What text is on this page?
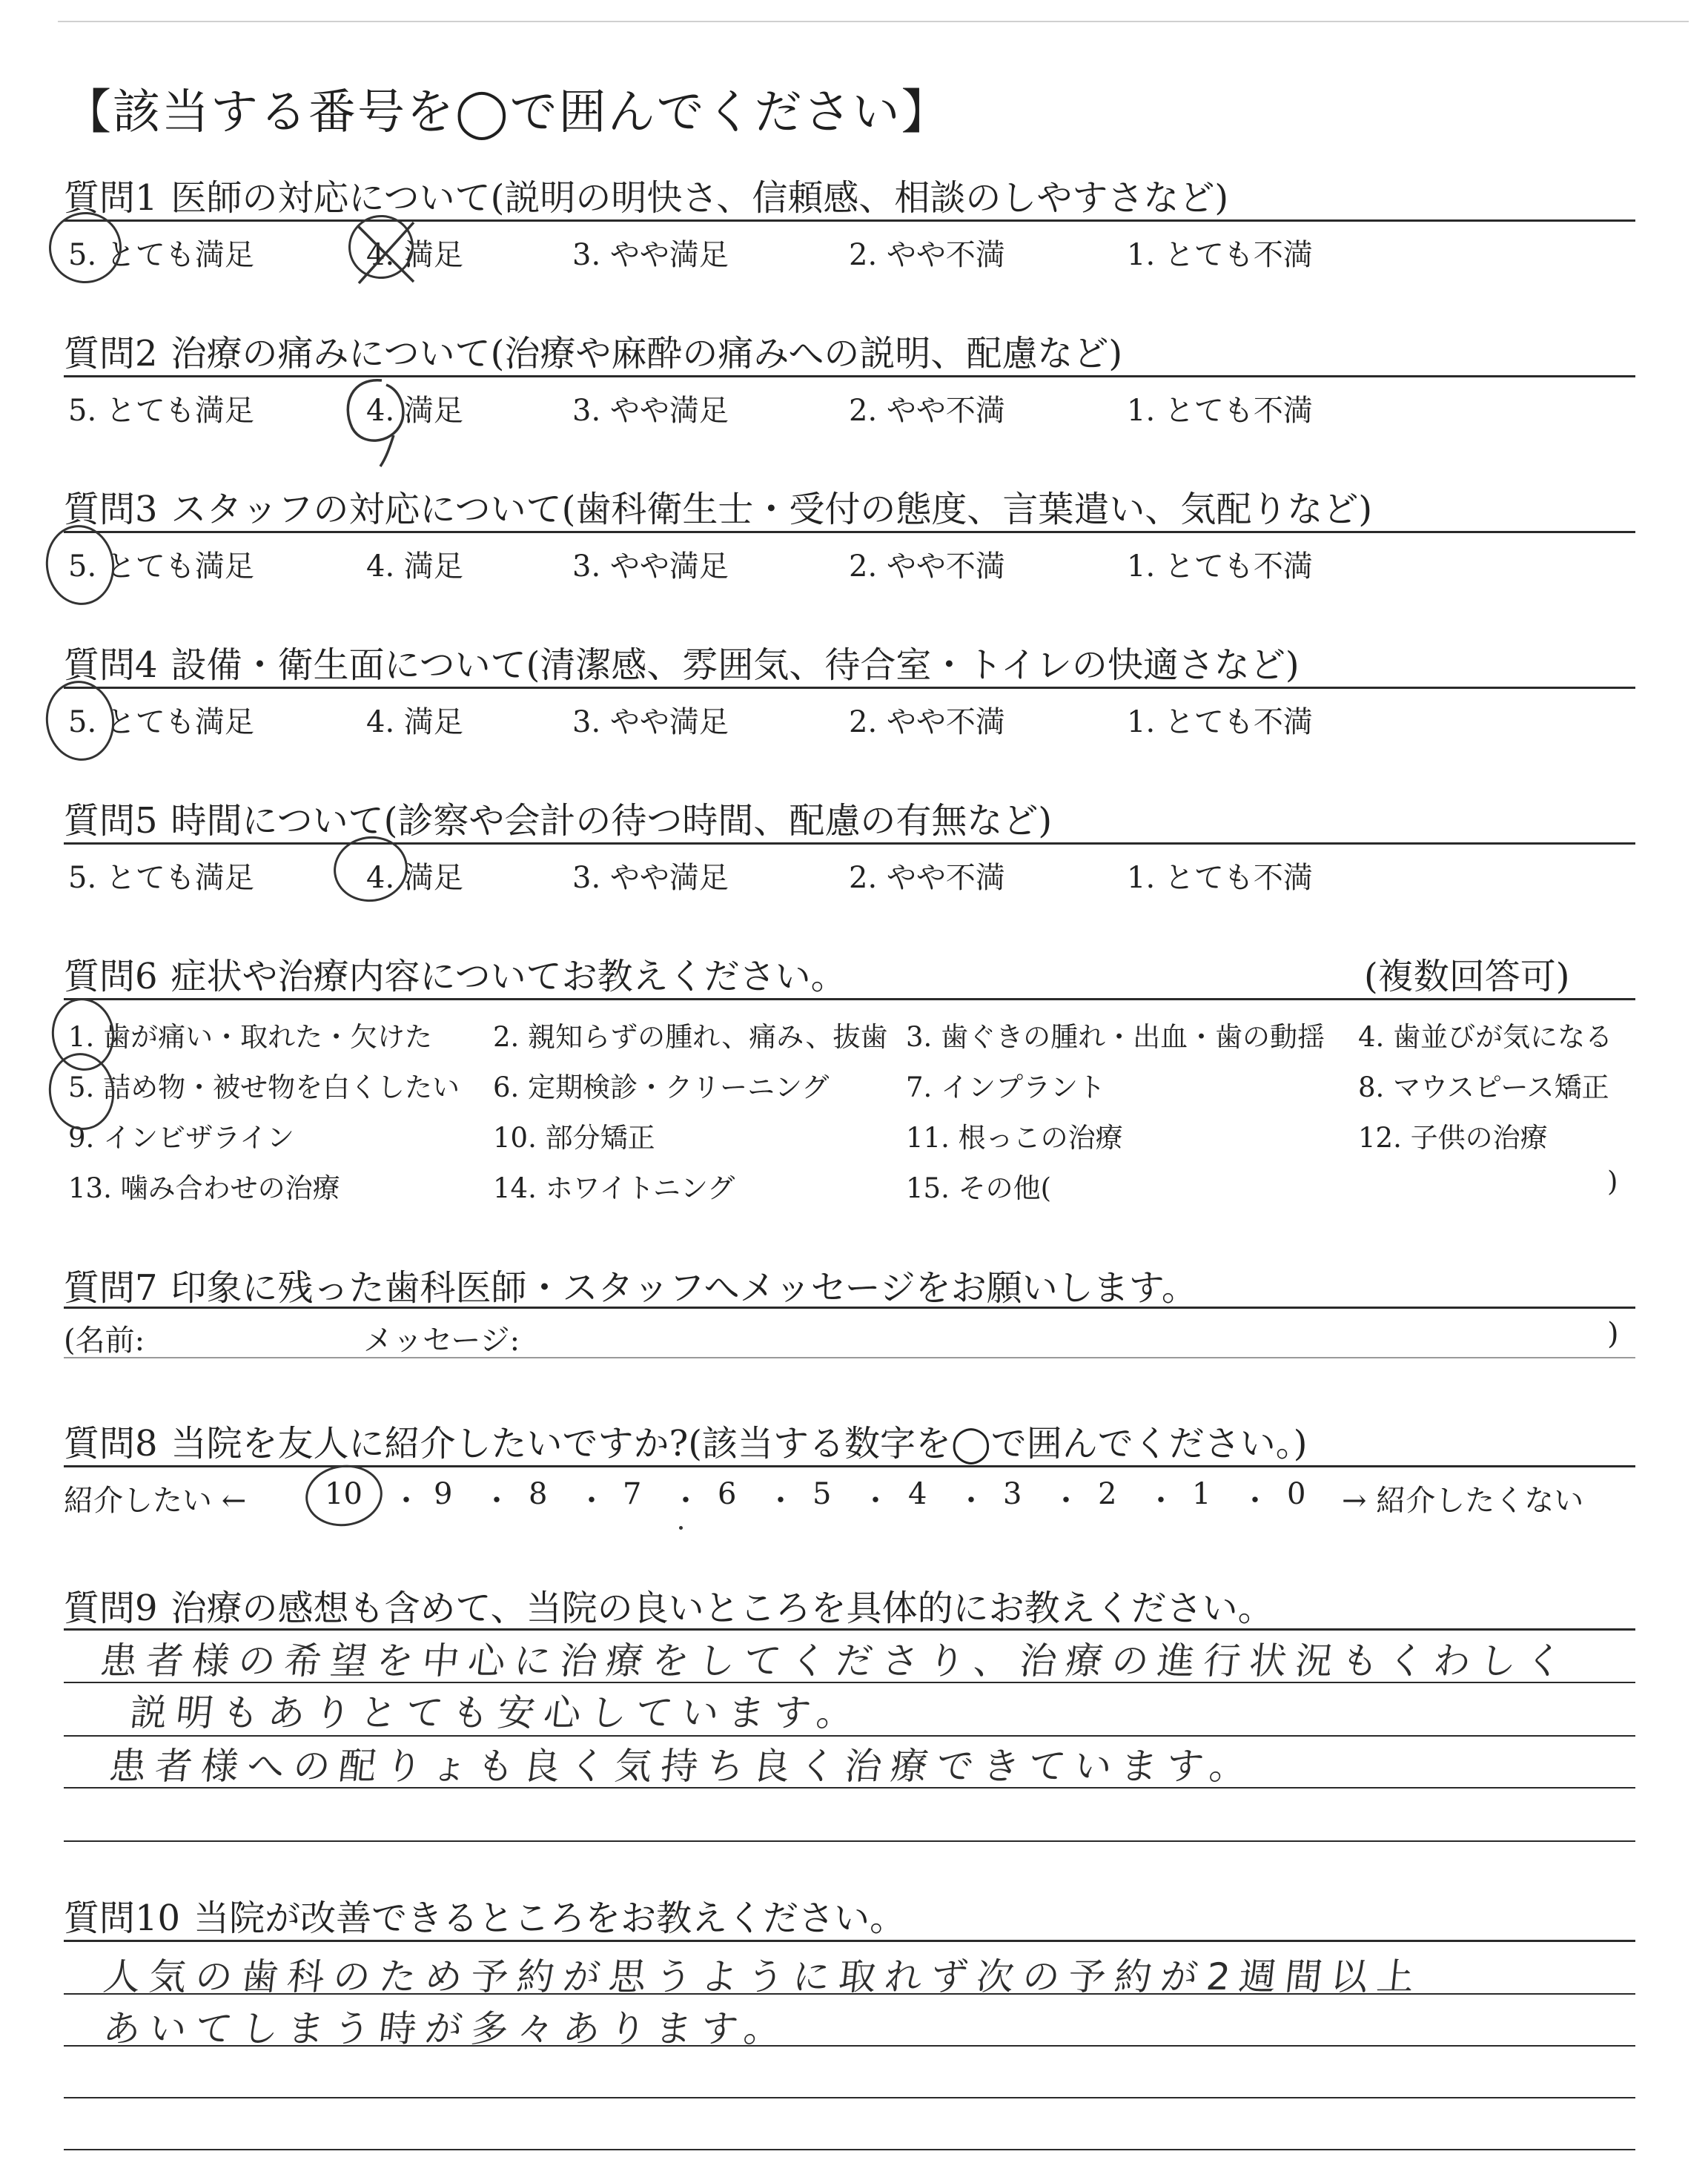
【該当する番号を◯で囲んでください】
質問1 医師の対応について(説明の明快さ、信頼感、相談のしやすさなど)
5. とても満足	4. 満足	3. やや満足	2. やや不満	1. とても不満
質問2 治療の痛みについて(治療や麻酔の痛みへの説明、配慮など)
5. とても満足	4. 満足	3. やや満足	2. やや不満	1. とても不満
質問3 スタッフの対応について(歯科衛生士・受付の態度、言葉遣い、気配りなど)
5. とても満足	4. 満足	3. やや満足	2. やや不満	1. とても不満
質問4 設備・衛生面について(清潔感、雰囲気、待合室・トイレの快適さなど)
5. とても満足	4. 満足	3. やや満足	2. やや不満	1. とても不満
質問5 時間について(診察や会計の待つ時間、配慮の有無など)
5. とても満足	4. 満足	3. やや満足	2. やや不満	1. とても不満
質問6 症状や治療内容についてお教えください。	(複数回答可)
1. 歯が痛い・取れた・欠けた 2. 親知らずの腫れ、痛み、抜歯 3. 歯ぐきの腫れ・出血・歯の動揺 4. 歯並びが気になる
5. 詰め物・被せ物を白くしたい 6. 定期検診・クリーニング	7. インプラント	8. マウスピース矯正
9. インビザライン	10. 部分矯正	11. 根っこの治療	12. 子供の治療
13. 噛み合わせの治療	14. ホワイトニング	15. その他(	)
質問7 印象に残った歯科医師・スタッフへメッセージをお願いします。
(名前:	メッセージ:	)
質問8 当院を友人に紹介したいですか?(該当する数字を◯で囲んでください。)
紹介したい ←	→ 紹介したくない
10 ・ 9 ・ 8 ・ 7 ・ 6 ・ 5 ・ 4 ・ 3 ・ 2 ・ 1 ・ 0
質問9 治療の感想も含めて、当院の良いところを具体的にお教えください。
患者様の希望を中心に治療をしてくださり、治療の進行状況もくわしく
説明もありとても安心しています。
患者様への配りょも良く気持ち良く治療できています。
質問10 当院が改善できるところをお教えください。
人気の歯科のため予約が思うように取れず次の予約が2週間以上
あいてしまう時が多々あります。
